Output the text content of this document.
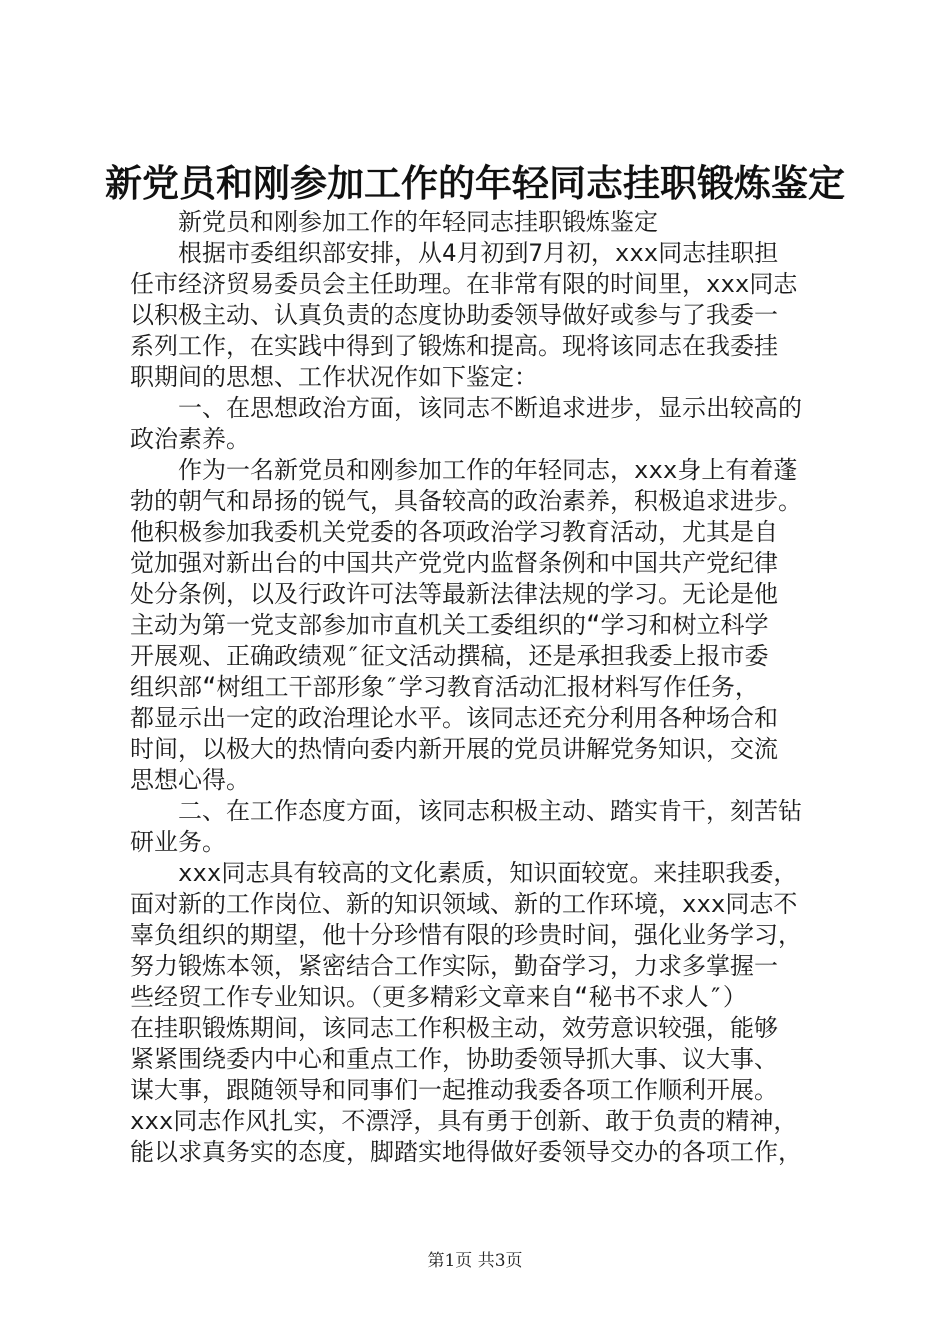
新党员和刚参加工作的年轻同志挂职锻炼鉴定
新党员和刚参加工作的年轻同志挂职锻炼鉴定
根据市委组织部安排，从4月初到7月初，xxx同志挂职担
任市经济贸易委员会主任助理。在非常有限的时间里，xxx同志
以积极主动、认真负责的态度协助委领导做好或参与了我委一
系列工作，在实践中得到了锻炼和提高。现将该同志在我委挂
职期间的思想、工作状况作如下鉴定：
一、在思想政治方面，该同志不断追求进步，显示出较高的
政治素养。
作为一名新党员和刚参加工作的年轻同志，xxx身上有着蓬
勃的朝气和昂扬的锐气，具备较高的政治素养，积极追求进步。
他积极参加我委机关党委的各项政治学习教育活动，尤其是自
觉加强对新出台的中国共产党党内监督条例和中国共产党纪律
处分条例，以及行政许可法等最新法律法规的学习。无论是他
主动为第一党支部参加市直机关工委组织的“学习和树立科学
开展观、正确政绩观″征文活动撰稿，还是承担我委上报市委
组织部“树组工干部形象″学习教育活动汇报材料写作任务，
都显示出一定的政治理论水平。该同志还充分利用各种场合和
时间，以极大的热情向委内新开展的党员讲解党务知识，交流
思想心得。
二、在工作态度方面，该同志积极主动、踏实肯干，刻苦钻
研业务。
xxx同志具有较高的文化素质，知识面较宽。来挂职我委，
面对新的工作岗位、新的知识领域、新的工作环境，xxx同志不
辜负组织的期望，他十分珍惜有限的珍贵时间，强化业务学习，
努力锻炼本领，紧密结合工作实际，勤奋学习，力求多掌握一
些经贸工作专业知识。（更多精彩文章来自“秘书不求人″）
在挂职锻炼期间，该同志工作积极主动，效劳意识较强，能够
紧紧围绕委内中心和重点工作，协助委领导抓大事、议大事、
谋大事，跟随领导和同事们一起推动我委各项工作顺利开展。
xxx同志作风扎实，不漂浮，具有勇于创新、敢于负责的精神，
能以求真务实的态度，脚踏实地得做好委领导交办的各项工作，
第1页 共3页
